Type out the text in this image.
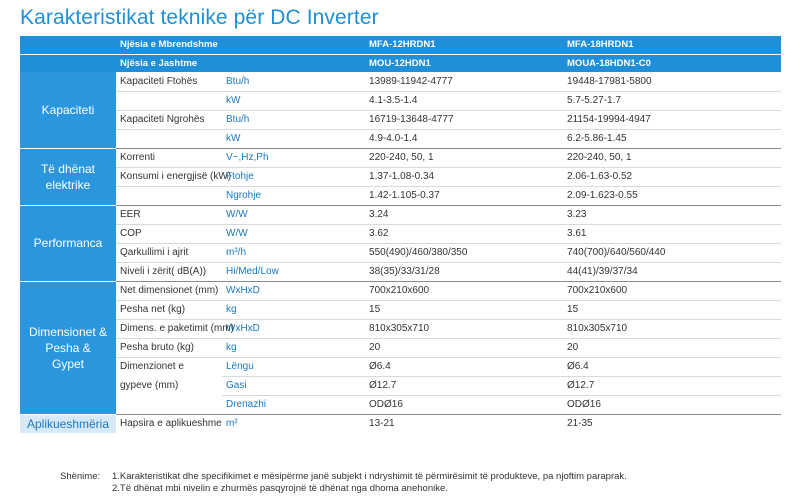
Karakteristikat teknike për DC Inverter
	Njësia e Mbrendshme		MFA-12HRDN1	MFA-18HRDN1
	Njësia e Jashtme		MOU-12HDN1	MOUA-18HDN1-C0
Kapaciteti	Kapaciteti Ftohës	Btu/h	13989-11942-4777	19448-17981-5800
		kW	4.1-3.5-1.4	5.7-5.27-1.7
	Kapaciteti Ngrohës	Btu/h	16719-13648-4777	21154-19994-4947
		kW	4.9-4.0-1.4	6.2-5.86-1.45
Të dhënat elektrike	Korrenti	V~,Hz,Ph	220-240, 50, 1	220-240, 50, 1
	Konsumi i energjisë (kW)	Ftohje	1.37-1.08-0.34	2.06-1.63-0.52
		Ngrohje	1.42-1.105-0.37	2.09-1.623-0.55
Performanca	EER	W/W	3.24	3.23
	COP	W/W	3.62	3.61
	Qarkullimi i ajrit	m³/h	550(490)/460/380/350	740(700)/640/560/440
	Niveli i zërit( dB(A))	Hi/Med/Low	38(35)/33/31/28	44(41)/39/37/34
Dimensionet & Pesha & Gypet	Net dimensionet (mm)	WxHxD	700x210x600	700x210x600
	Pesha net (kg)	kg	15	15
	Dimens. e paketimit (mm)	WxHxD	810x305x710	810x305x710
	Pesha bruto (kg)	kg	20	20
	Dimenzionet e	Lëngu	Ø6.4	Ø6.4
	gypeve (mm)	Gasi	Ø12.7	Ø12.7
		Drenazhi	ODØ16	ODØ16
Aplikueshmëria	Hapsira e aplikueshme	m²	13-21	21-35
Shënime:	1.Karakteristikat dhe specifikimet e mësipërme janë subjekt i ndryshimit të përmirësimit të produkteve, pa njoftim paraprak.
2.Të dhënat mbi nivelin e zhurmës pasqyrojnë të dhënat nga dhoma anehonike.
